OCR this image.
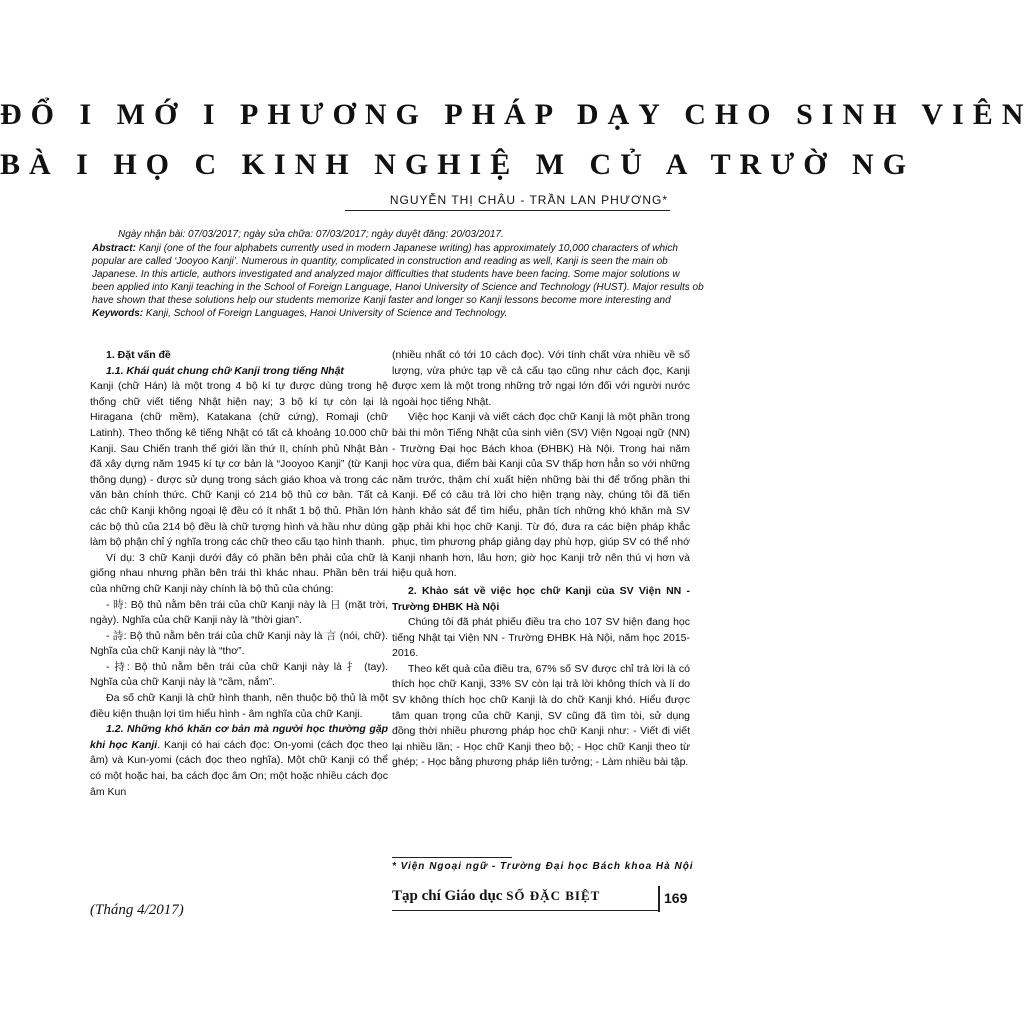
ĐỔ I MỚ I PHƯƠNG PHÁP DẠY CHO SINH VIÊN
BÀ I HỌ C KINH NGHIỆ M CỦ A TRƯỜ NG
NGUYỄN THỊ CHÂU - TRẦN LAN PHƯƠNG*
Ngày nhận bài: 07/03/2017; ngày sửa chữa: 07/03/2017; ngày duyệt đăng: 20/03/2017.
Abstract: Kanji (one of the four alphabets currently used in modern Japanese writing) has approximately 10,000 characters of which
popular are called ‘Jooyoo Kanji’. Numerous in quantity, complicated in construction and reading as well, Kanji is seen the main ob
Japanese. In this article, authors investigated and analyzed major difficulties that students have been facing. Some major solutions w
been applied into Kanji teaching in the School of Foreign Language, Hanoi University of Science and Technology (HUST). Major results ob
have shown that these solutions help our students memorize Kanji faster and longer so Kanji lessons become more interesting and
Keywords: Kanji, School of Foreign Languages, Hanoi University of Science and Technology.

1. Đặt vấn đề

1.1. Khái quát chung chữ Kanji trong tiếng Nhật

Kanji (chữ Hán) là một trong 4 bộ kí tự được dùng trong hệ thống chữ viết tiếng Nhật hiện nay; 3 bộ kí tự còn lại là Hiragana (chữ mềm), Katakana (chữ cứng), Romaji (chữ Latinh). Theo thống kê tiếng Nhật có tất cả khoảng 10.000 chữ Kanji. Sau Chiến tranh thế giới lần thứ II, chính phủ Nhật Bản đã xây dựng năm 1945 kí tự cơ bản là “Jooyoo Kanji” (từ Kanji thông dụng) - được sử dụng trong sách giáo khoa và trong các văn bản chính thức. Chữ Kanji có 214 bộ thủ cơ bản. Tất cả các chữ Kanji không ngoại lệ đều có ít nhất 1 bộ thủ. Phần lớn các bộ thủ của 214 bộ đều là chữ tượng hình và hầu như dùng làm bộ phận chỉ ý nghĩa trong các chữ theo cấu tạo hình thanh.

Ví dụ: 3 chữ Kanji dưới đây có phần bên phải của chữ là giống nhau nhưng phần bên trái thì khác nhau. Phần bên trái của những chữ Kanji này chính là bộ thủ của chúng:

- 時: Bộ thủ nằm bên trái của chữ Kanji này là 日 (mặt trời, ngày). Nghĩa của chữ Kanji này là “thời gian”.

- 詩: Bộ thủ nằm bên trái của chữ Kanji này là 言 (nói, chữ). Nghĩa của chữ Kanji này là “thơ”.

- 持: Bộ thủ nằm bên trái của chữ Kanji này là 扌 (tay). Nghĩa của chữ Kanji này là “cầm, nắm”.

Đa số chữ Kanji là chữ hình thanh, nên thuộc bộ thủ là một điều kiện thuận lợi tìm hiểu hình - âm nghĩa của chữ Kanji.

1.2. Những khó khăn cơ bản mà người học thường gặp khi học Kanji. Kanji có hai cách đọc: On-yomi (cách đọc theo âm) và Kun-yomi (cách đọc theo nghĩa). Một chữ Kanji có thể có một hoặc hai, ba cách đọc âm On; một hoặc nhiều cách đọc âm Kun

(nhiều nhất có tới 10 cách đọc). Với tính chất vừa nhiều về số lượng, vừa phức tạp về cả cấu tạo cũng như cách đọc, Kanji được xem là một trong những trở ngại lớn đối với người nước ngoài học tiếng Nhật.

Việc học Kanji và viết cách đọc chữ Kanji là một phần trong bài thi môn Tiếng Nhật của sinh viên (SV) Viện Ngoại ngữ (NN) - Trường Đại học Bách khoa (ĐHBK) Hà Nội. Trong hai năm học vừa qua, điểm bài Kanji của SV thấp hơn hẳn so với những năm trước, thậm chí xuất hiện những bài thi để trống phần thi Kanji. Để có câu trả lời cho hiện trạng này, chúng tôi đã tiến hành khảo sát để tìm hiểu, phân tích những khó khăn mà SV gặp phải khi học chữ Kanji. Từ đó, đưa ra các biện pháp khắc phục, tìm phương pháp giảng dạy phù hợp, giúp SV có thể nhớ Kanji nhanh hơn, lâu hơn; giờ học Kanji trở nên thú vị hơn và hiệu quả hơn.

2. Khảo sát về việc học chữ Kanji của SV Viện NN - Trường ĐHBK Hà Nội

Chúng tôi đã phát phiếu điều tra cho 107 SV hiện đang học tiếng Nhật tại Viện NN - Trường ĐHBK Hà Nội, năm học 2015-2016.

Theo kết quả của điều tra, 67% số SV được chỉ trả lời là có thích học chữ Kanji, 33% SV còn lại trả lời không thích và lí do SV không thích học chữ Kanji là do chữ Kanji khó. Hiểu được tâm quan trọng của chữ Kanji, SV cũng đã tìm tòi, sử dụng đồng thời nhiều phương pháp học chữ Kanji như: - Viết đi viết lại nhiều lần; - Học chữ Kanji theo bộ; - Học chữ Kanji theo từ ghép; - Học bằng phương pháp liên tưởng; - Làm nhiều bài tập.

* Viện Ngoại ngữ - Trường Đại học Bách khoa Hà Nội
Tạp chí Giáo dục SỐ ĐẶC BIỆT	169
(Tháng 4/2017)
